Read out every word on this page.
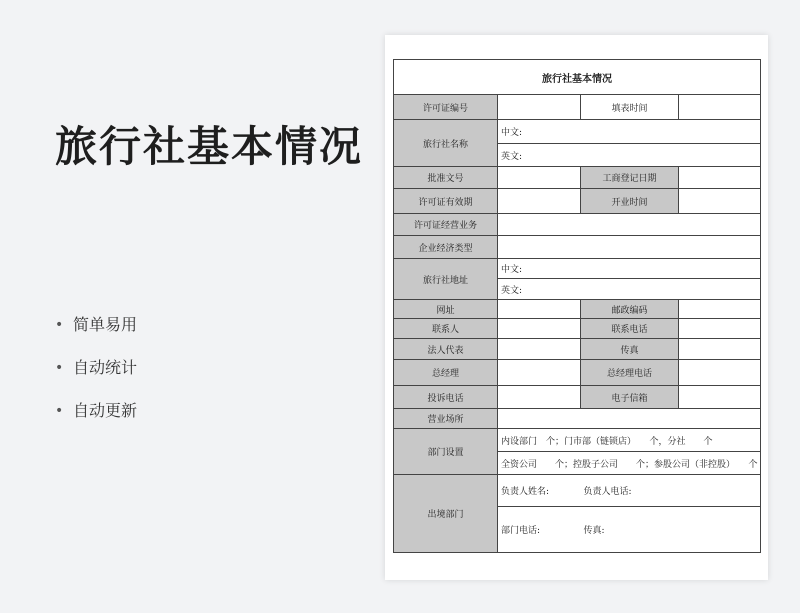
旅行社基本情况
• 简单易用
• 自动统计
• 自动更新
旅行社基本情况			
许可证编号		填表时间	
旅行社名称	中文:		
	英文:		
批准文号		工商登记日期	
许可证有效期		开业时间	
许可证经营业务			
企业经济类型			
旅行社地址	中文:		
	英文:		
网址		邮政编码	
联系人		联系电话	
法人代表		传真	
总经理		总经理电话	
投诉电话		电子信箱	
营业场所			
部门设置	内设部门　个；门市部（链锁店）　　个，分社　　个		
	全资公司　　个；控股子公司　　个；参股公司（非控股）　　个		
出境部门	负责人姓名:	负责人电话:	
	部门电话:	传真:	
